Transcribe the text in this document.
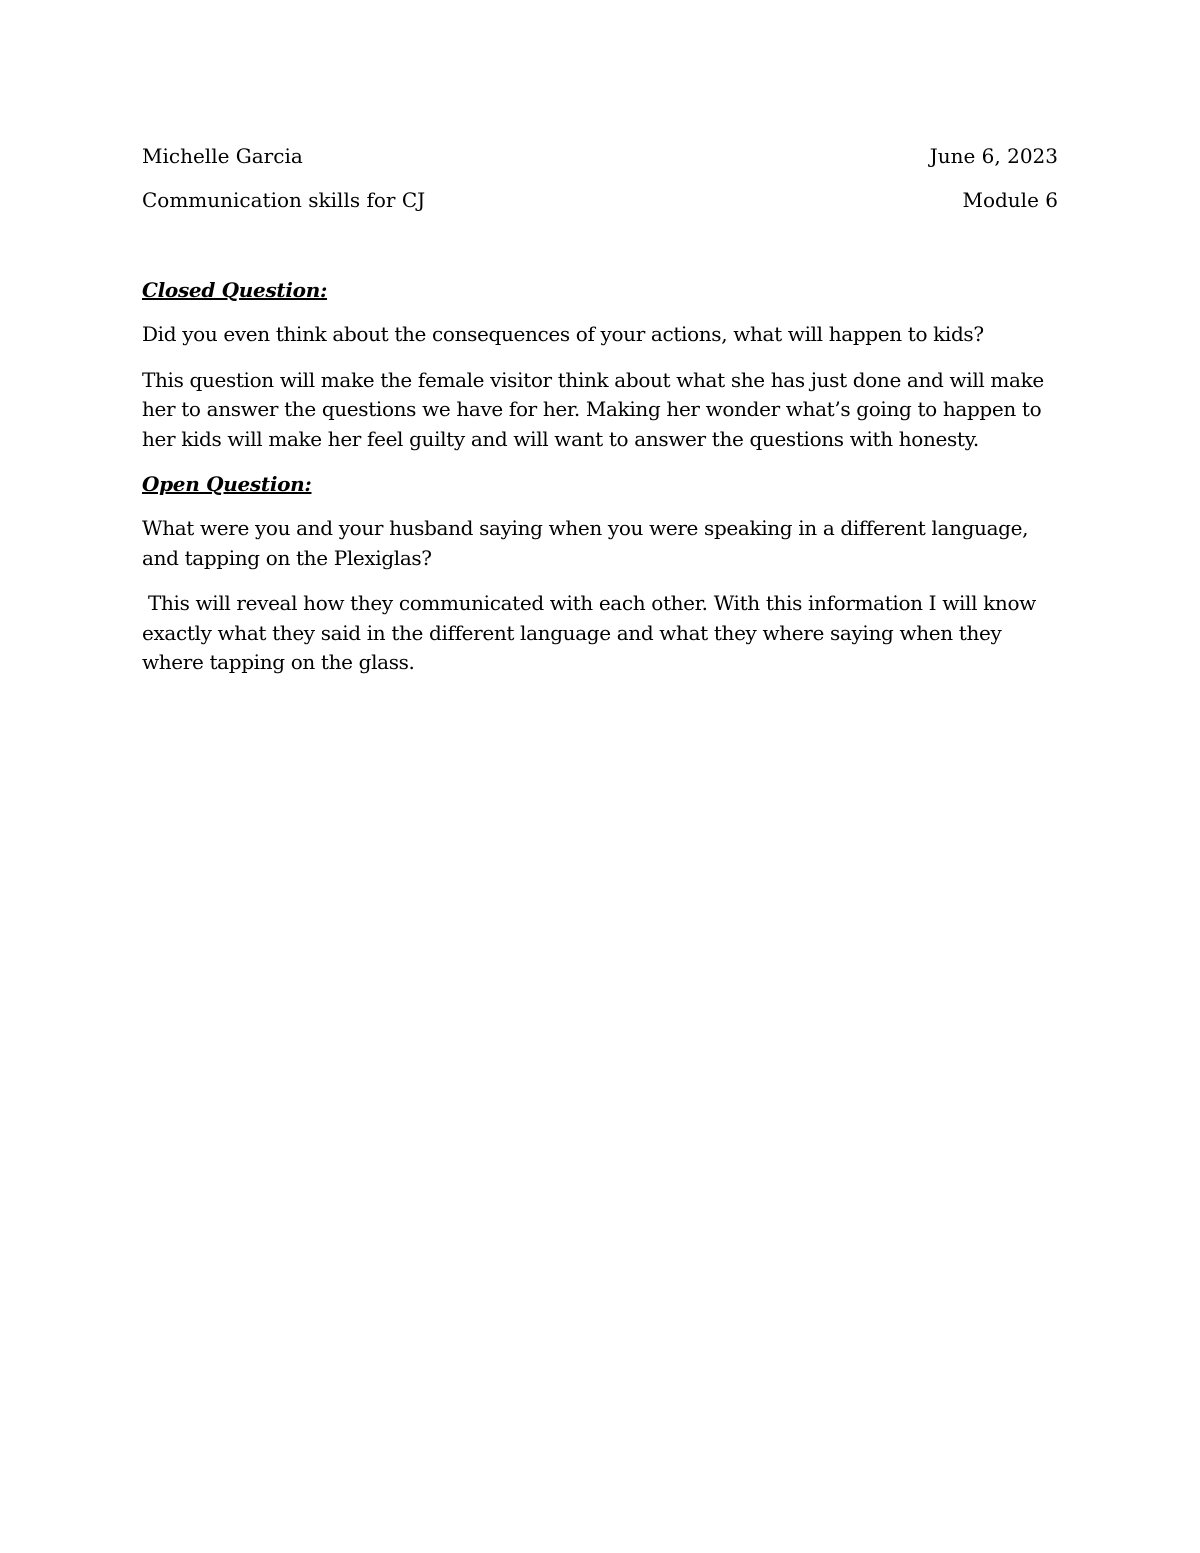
Michelle Garcia	June 6, 2023
Communication skills for CJ	Module 6
Closed Question:

Did you even think about the consequences of your actions, what will happen to kids?

This question will make the female visitor think about what she has just done and will make her to answer the questions we have for her. Making her wonder what’s going to happen to her kids will make her feel guilty and will want to answer the questions with honesty.

Open Question:

What were you and your husband saying when you were speaking in a different language, and tapping on the Plexiglas?

This will reveal how they communicated with each other. With this information I will know exactly what they said in the different language and what they where saying when they where tapping on the glass.
